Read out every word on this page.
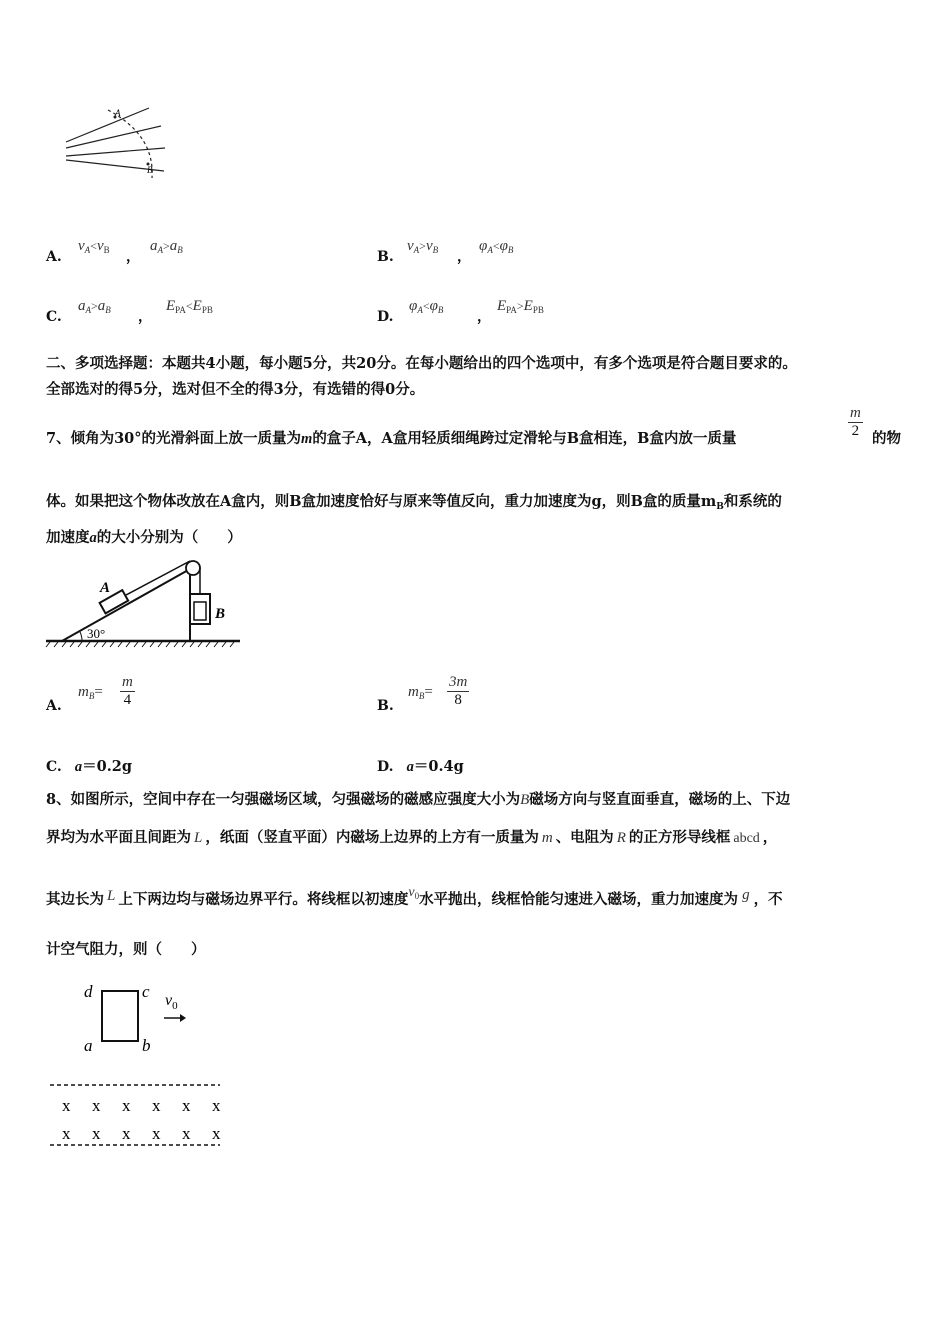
A
B
A.
$v_A<v_B$ ，
$a_A>a_B$	B.
$v_A>v_B$ ，
$\varphi_A<\varphi_B$
C.
$a_A>a_B$ ，
$E_{PA}<E_{PB}$	D.
$\varphi_A<\varphi_B$ ，
$E_{PA}>E_{PB}$
二、多项选择题：本题共4小题，每小题5分，共20分。在每小题给出的四个选项中，有多个选项是符合题目要求的。
全部选对的得5分，选对但不全的得3分，有选错的得0分。
7、倾角为30°的光滑斜面上放一质量为m的盒子A，A盒用轻质细绳跨过定滑轮与B盒相连，B盒内放一质量	$\frac{m}{2}$ 的物
体。如果把这个物体改放在A盒内，则B盒加速度恰好与原来等值反向，重力加速度为g，则B盒的质量$m_B$和系统的
加速度a的大小分别为（　　）
30°
A
B
A.
$m_B= \frac{m}{4}$	B.
$m_B= \frac{3m}{8}$
C. a＝0.2g	D. a＝0.4g
8、如图所示，空间中存在一匀强磁场区域，匀强磁场的磁感应强度大小为B磁场方向与竖直面垂直，磁场的上、下边
界均为水平面且间距为 L ，纸面（竖直平面）内磁场上边界的上方有一质量为 m 、电阻为 R 的正方形导线框 abcd ，
其边长为 L 上下两边均与磁场边界平行。将线框以初速度$v_0$水平抛出，线框恰能匀速进入磁场，重力加速度为 g ，不
计空气阻力，则（　　）
d	c
a	b
$v_0$
x x x x x x
x x x x x x
